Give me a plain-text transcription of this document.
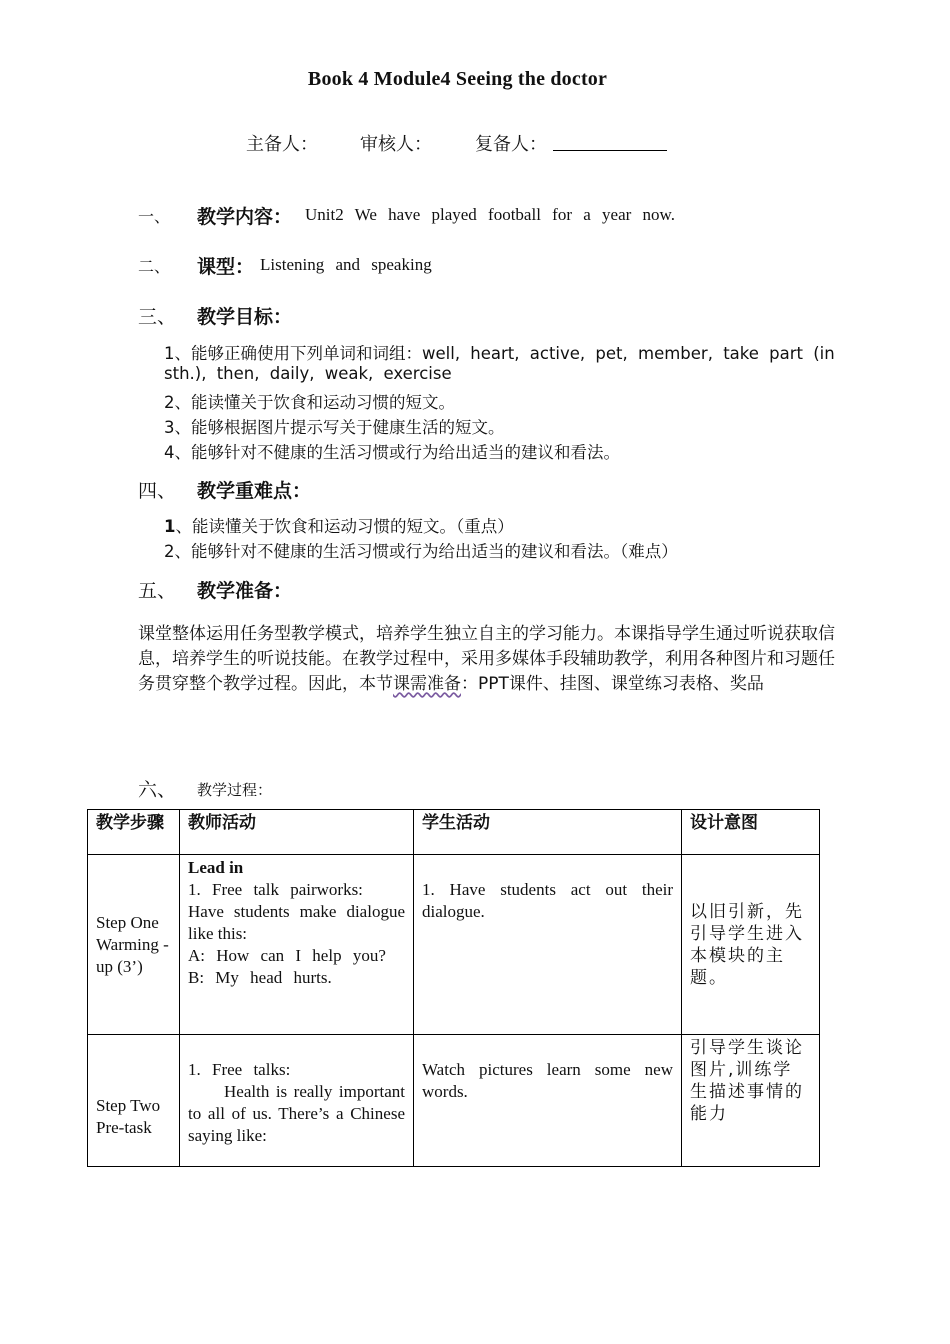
Book 4 Module4 Seeing the doctor
主备人： 审核人： 复备人：
一、 教学内容： Unit2 We have played football for a year now.
二、 课型： Listening and speaking
三、 教学目标：
1、能够正确使用下列单词和词组：well, heart, active, pet, member, take part (in
sth.), then, daily, weak, exercise
2、能读懂关于饮食和运动习惯的短文。
3、能够根据图片提示写关于健康生活的短文。
4、能够针对不健康的生活习惯或行为给出适当的建议和看法。
四、 教学重难点：
1、能读懂关于饮食和运动习惯的短文。（重点）
2、能够针对不健康的生活习惯或行为给出适当的建议和看法。（难点）
五、 教学准备：
课堂整体运用任务型教学模式，培养学生独立自主的学习能力。本课指导学生通过听说获取信息，培养学生的听说技能。在教学过程中，采用多媒体手段辅助教学，利用各种图片和习题任务贯穿整个教学过程。因此，本节课需准备：PPT课件、挂图、课堂练习表格、奖品
六、 教学过程：
教学步骤	教师活动	学生活动	设计意图
Step One Warming -up (3’)	Lead in
1. Free talk pairworks:
Have students make dialogue like this:
A: How can I help you?
B: My head hurts.	1. Have students act out their dialogue.	以旧引新，先引导学生进入本模块的主题。

Step Two Pre-task	1. Free talks:
Health is really important to all of us. There’s a Chinese saying like:	Watch pictures learn some new words.	引导学生谈论图片,训练学生描述事情的能力
